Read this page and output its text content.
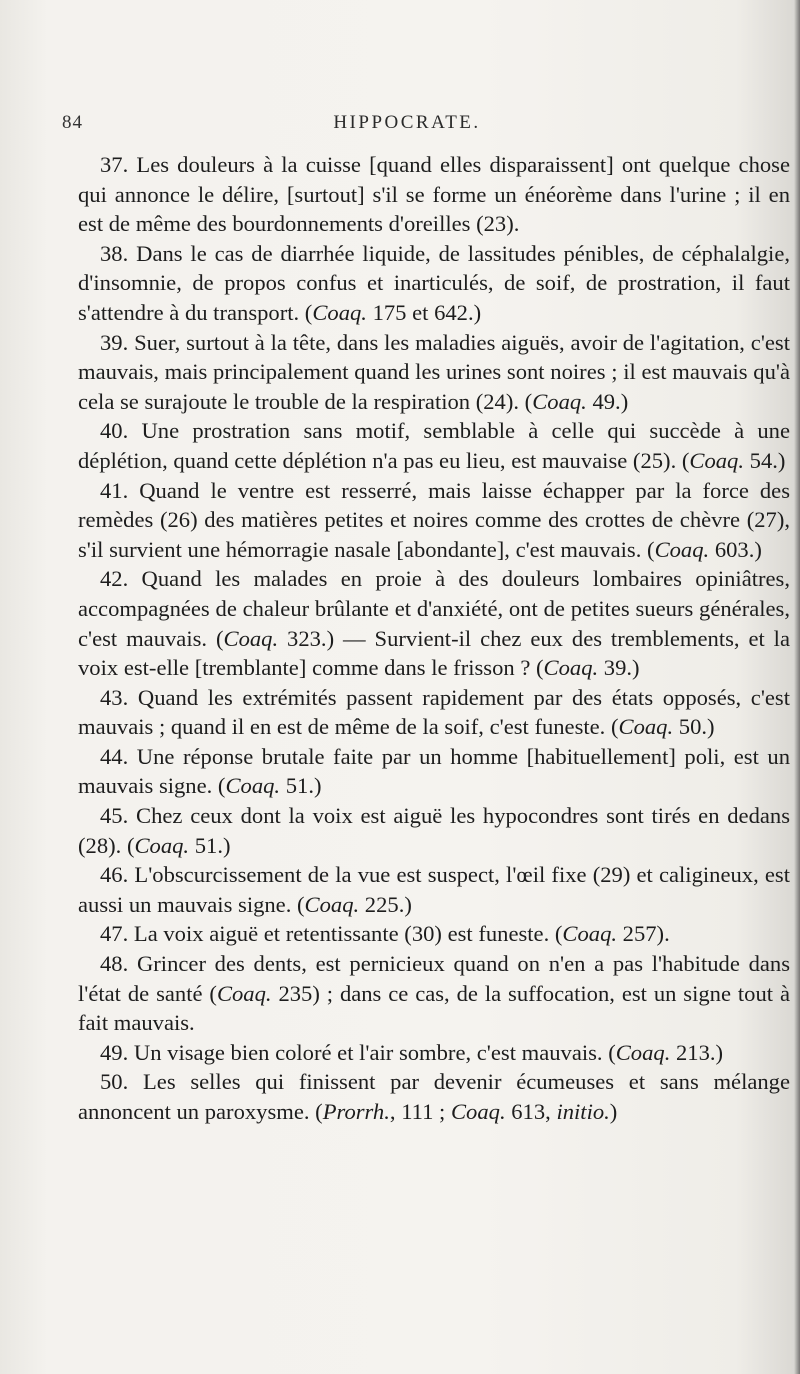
84	HIPPOCRATE.

37. Les douleurs à la cuisse [quand elles disparaissent] ont quelque chose qui annonce le délire, [surtout] s'il se forme un énéorème dans l'urine ; il en est de même des bourdonnements d'oreilles (23).

38. Dans le cas de diarrhée liquide, de lassitudes pénibles, de céphalalgie, d'insomnie, de propos confus et inarticulés, de soif, de prostration, il faut s'attendre à du transport. (Coaq. 175 et 642.)

39. Suer, surtout à la tête, dans les maladies aiguës, avoir de l'agitation, c'est mauvais, mais principalement quand les urines sont noires ; il est mauvais qu'à cela se surajoute le trouble de la respiration (24). (Coaq. 49.)

40. Une prostration sans motif, semblable à celle qui succède à une déplétion, quand cette déplétion n'a pas eu lieu, est mauvaise (25). (Coaq. 54.)

41. Quand le ventre est resserré, mais laisse échapper par la force des remèdes (26) des matières petites et noires comme des crottes de chèvre (27), s'il survient une hémorragie nasale [abondante], c'est mauvais. (Coaq. 603.)

42. Quand les malades en proie à des douleurs lombaires opiniâtres, accompagnées de chaleur brûlante et d'anxiété, ont de petites sueurs générales, c'est mauvais. (Coaq. 323.) — Survient-il chez eux des tremblements, et la voix est-elle [tremblante] comme dans le frisson ? (Coaq. 39.)

43. Quand les extrémités passent rapidement par des états opposés, c'est mauvais ; quand il en est de même de la soif, c'est funeste. (Coaq. 50.)

44. Une réponse brutale faite par un homme [habituellement] poli, est un mauvais signe. (Coaq. 51.)

45. Chez ceux dont la voix est aiguë les hypocondres sont tirés en dedans (28). (Coaq. 51.)

46. L'obscurcissement de la vue est suspect, l'œil fixe (29) et caligineux, est aussi un mauvais signe. (Coaq. 225.)

47. La voix aiguë et retentissante (30) est funeste. (Coaq. 257).

48. Grincer des dents, est pernicieux quand on n'en a pas l'habitude dans l'état de santé (Coaq. 235) ; dans ce cas, de la suffocation, est un signe tout à fait mauvais.

49. Un visage bien coloré et l'air sombre, c'est mauvais. (Coaq. 213.)

50. Les selles qui finissent par devenir écumeuses et sans mélange annoncent un paroxysme. (Prorrh., 111 ; Coaq. 613, initio.)
